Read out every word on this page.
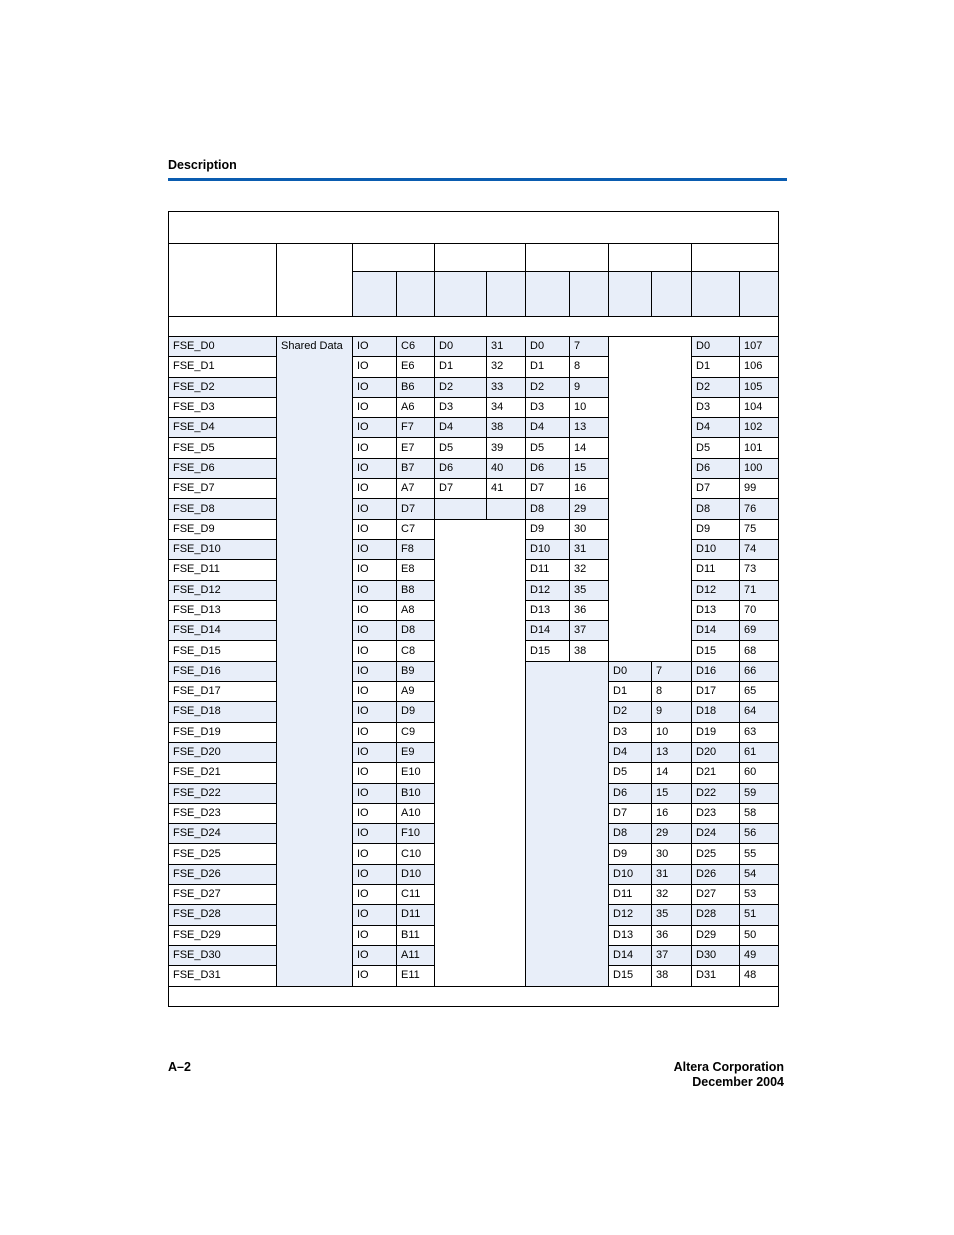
Description

FSE_D0	Shared Data	IO	C6	D0	31	D0	7			D0	107
FSE_D1		IO	E6	D1	32	D1	8			D1	106
FSE_D2		IO	B6	D2	33	D2	9			D2	105
FSE_D3		IO	A6	D3	34	D3	10			D3	104
FSE_D4		IO	F7	D4	38	D4	13			D4	102
FSE_D5		IO	E7	D5	39	D5	14			D5	101
FSE_D6		IO	B7	D6	40	D6	15			D6	100
FSE_D7		IO	A7	D7	41	D7	16			D7	99
FSE_D8		IO	D7			D8	29			D8	76
FSE_D9		IO	C7			D9	30			D9	75
FSE_D10		IO	F8			D10	31			D10	74
FSE_D11		IO	E8			D11	32			D11	73
FSE_D12		IO	B8			D12	35			D12	71
FSE_D13		IO	A8			D13	36			D13	70
FSE_D14		IO	D8			D14	37			D14	69
FSE_D15		IO	C8			D15	38			D15	68
FSE_D16		IO	B9					D0	7	D16	66
FSE_D17		IO	A9					D1	8	D17	65
FSE_D18		IO	D9					D2	9	D18	64
FSE_D19		IO	C9					D3	10	D19	63
FSE_D20		IO	E9					D4	13	D20	61
FSE_D21		IO	E10					D5	14	D21	60
FSE_D22		IO	B10					D6	15	D22	59
FSE_D23		IO	A10					D7	16	D23	58
FSE_D24		IO	F10					D8	29	D24	56
FSE_D25		IO	C10					D9	30	D25	55
FSE_D26		IO	D10					D10	31	D26	54
FSE_D27		IO	C11					D11	32	D27	53
FSE_D28		IO	D11					D12	35	D28	51
FSE_D29		IO	B11					D13	36	D29	50
FSE_D30		IO	A11					D14	37	D30	49
FSE_D31		IO	E11					D15	38	D31	48

A–2	Altera Corporation
December 2004
